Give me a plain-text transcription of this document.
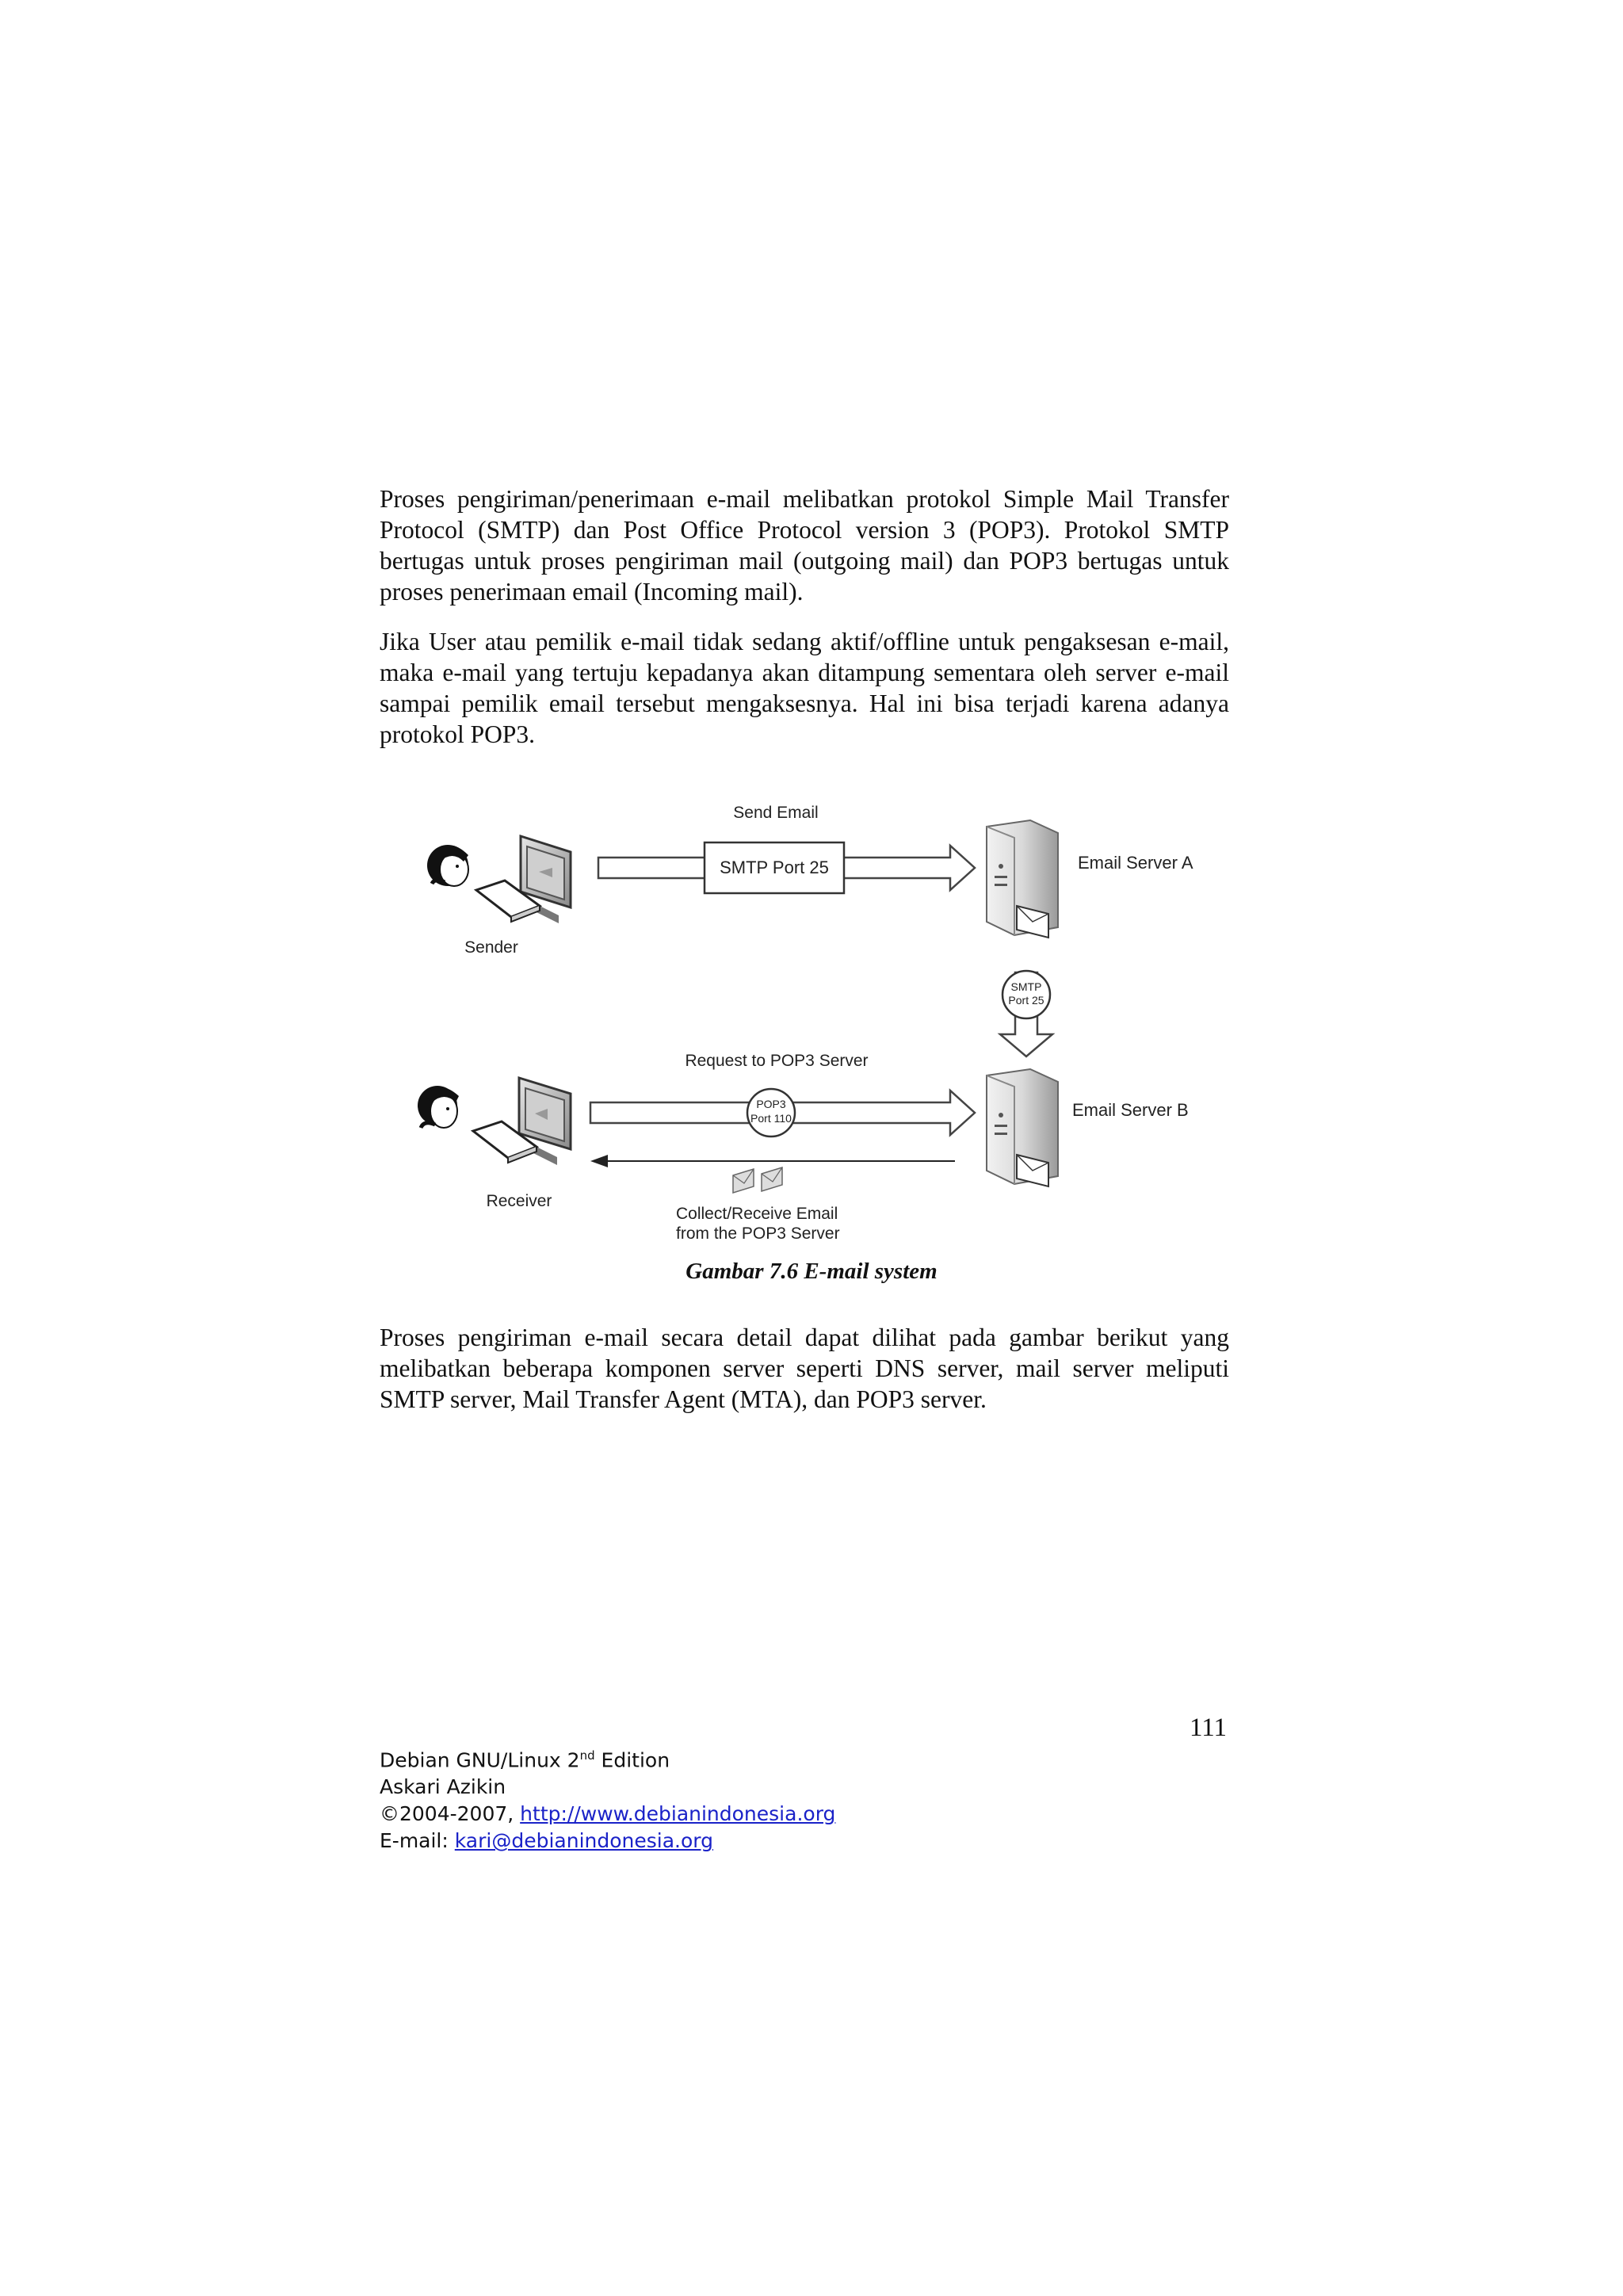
Proses pengiriman/penerimaan e-mail melibatkan protokol Simple Mail Transfer Protocol (SMTP) dan Post Office Protocol version 3 (POP3). Protokol SMTP bertugas untuk proses pengiriman mail (outgoing mail) dan POP3 bertugas untuk proses penerimaan email (Incoming mail).

Jika User atau pemilik e-mail tidak sedang aktif/offline untuk pengaksesan e-mail, maka e-mail yang tertuju kepadanya akan ditampung sementara oleh server e-mail sampai pemilik email tersebut mengaksesnya. Hal ini bisa terjadi karena adanya protokol POP3.

Sender
Send Email
SMTP Port 25	Email Server A
SMTP
Port 25
Receiver
Request to POP3 Server
POP3
Port 110
Collect/Receive Email
from the POP3 Server
Email Server B
Gambar 7.6 E-mail system

Proses pengiriman e-mail secara detail dapat dilihat pada gambar berikut yang melibatkan beberapa komponen server seperti DNS server, mail server meliputi SMTP server, Mail Transfer Agent (MTA), dan POP3 server.

111
Debian GNU/Linux 2nd Edition
Askari Azikin
©2004-2007, http://www.debianindonesia.org
E-mail: kari@debianindonesia.org
